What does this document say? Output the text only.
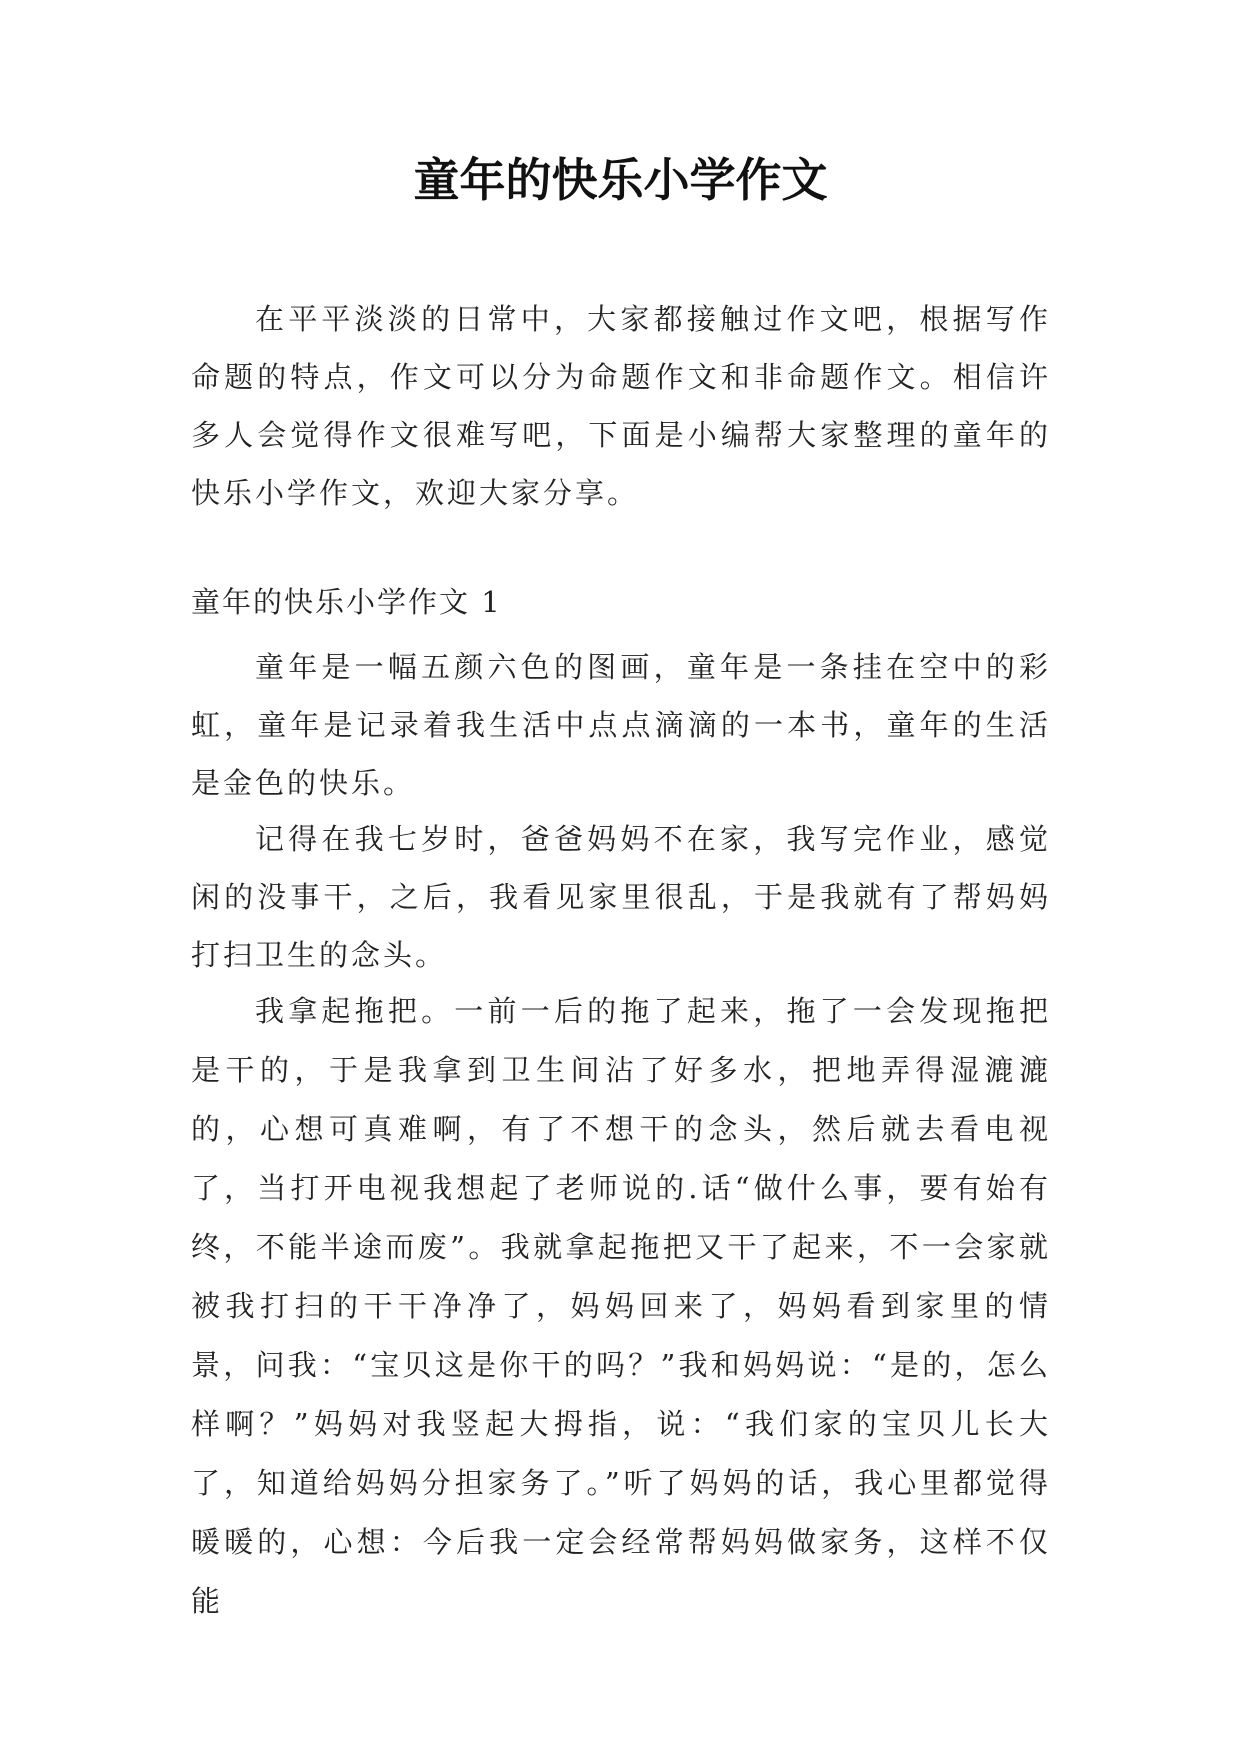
童年的快乐小学作文
在平平淡淡的日常中，大家都接触过作文吧，根据写作命题的特点，作文可以分为命题作文和非命题作文。相信许多人会觉得作文很难写吧，下面是小编帮大家整理的童年的快乐小学作文，欢迎大家分享。
童年的快乐小学作文 1
童年是一幅五颜六色的图画，童年是一条挂在空中的彩虹，童年是记录着我生活中点点滴滴的一本书，童年的生活是金色的快乐。
记得在我七岁时，爸爸妈妈不在家，我写完作业，感觉闲的没事干，之后，我看见家里很乱，于是我就有了帮妈妈打扫卫生的念头。
我拿起拖把。一前一后的拖了起来，拖了一会发现拖把是干的，于是我拿到卫生间沾了好多水，把地弄得湿漉漉的，心想可真难啊，有了不想干的念头，然后就去看电视了，当打开电视我想起了老师说的.话“做什么事，要有始有终，不能半途而废”。我就拿起拖把又干了起来，不一会家就被我打扫的干干净净了，妈妈回来了，妈妈看到家里的情景，问我：“宝贝这是你干的吗？”我和妈妈说：“是的，怎么样啊？”妈妈对我竖起大拇指，说：“我们家的宝贝儿长大了，知道给妈妈分担家务了。”听了妈妈的话，我心里都觉得暖暖的，心想：今后我一定会经常帮妈妈做家务，这样不仅能
